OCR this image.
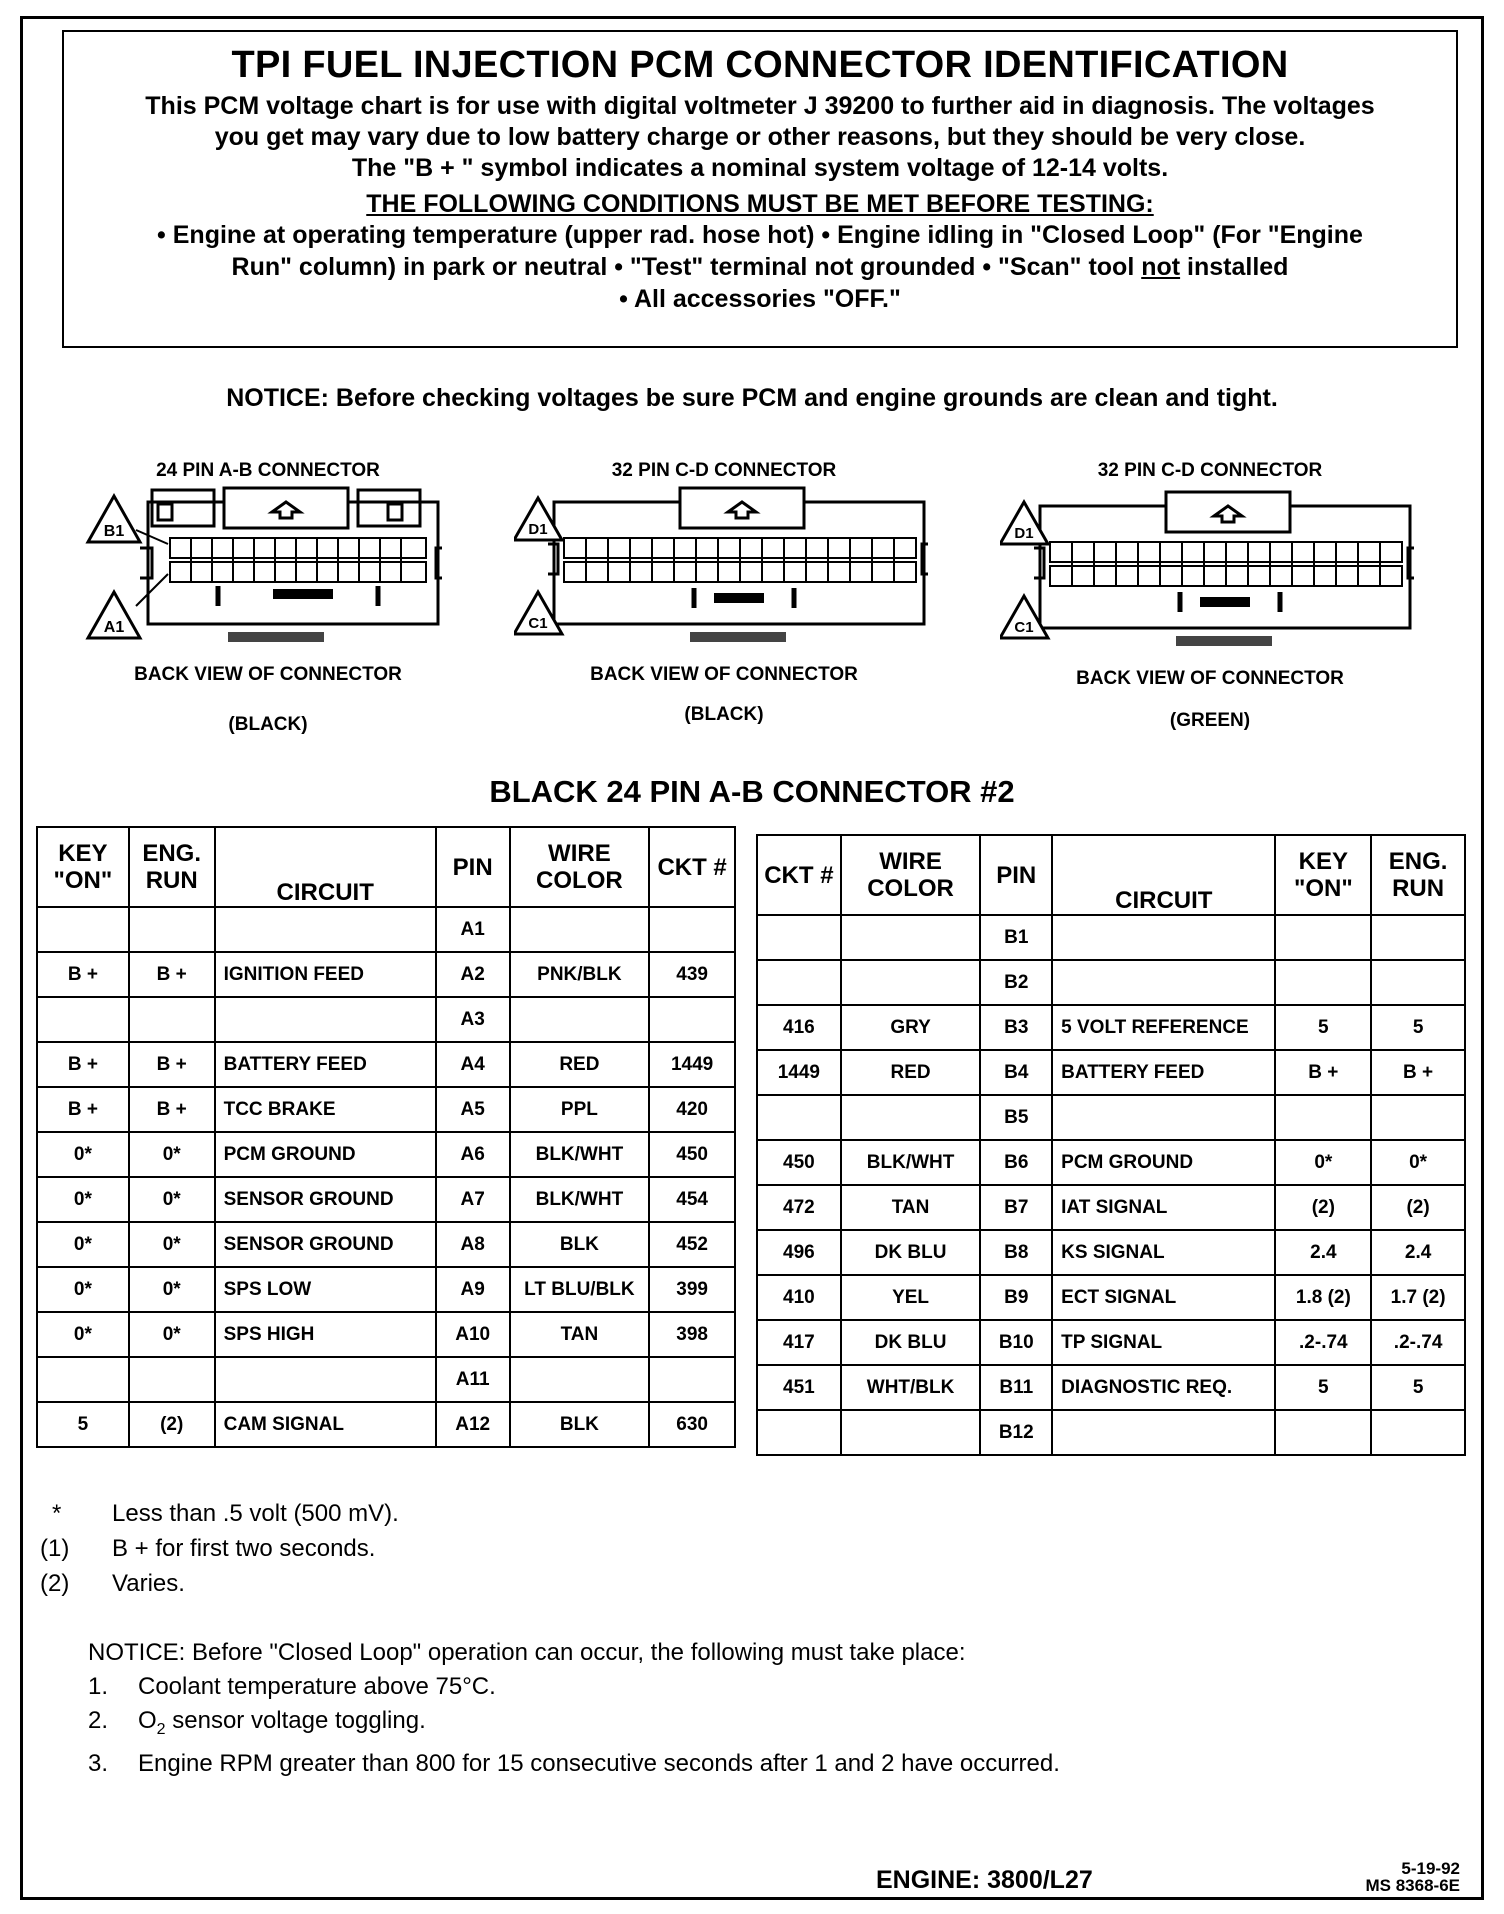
TPI FUEL INJECTION PCM CONNECTOR IDENTIFICATION
This PCM voltage chart is for use with digital voltmeter J 39200 to further aid in diagnosis. The voltages
you get may vary due to low battery charge or other reasons, but they should be very close.
The "B + " symbol indicates a nominal system voltage of 12-14 volts.
THE FOLLOWING CONDITIONS MUST BE MET BEFORE TESTING:
• Engine at operating temperature (upper rad. hose hot) • Engine idling in "Closed Loop" (For "Engine
Run" column) in park or neutral • "Test" terminal not grounded • "Scan" tool not installed
• All accessories "OFF."
NOTICE: Before checking voltages be sure PCM and engine grounds are clean and tight.
24 PIN A-B CONNECTOR
B1
A1
BACK VIEW OF CONNECTOR
(BLACK)
32 PIN C-D CONNECTOR
D1
C1
BACK VIEW OF CONNECTOR
(BLACK)
32 PIN C-D CONNECTOR
D1
C1
BACK VIEW OF CONNECTOR
(GREEN)
BLACK 24 PIN A-B CONNECTOR #2
KEY "ON"	ENG. RUN	CIRCUIT	PIN	WIRE COLOR	CKT #
			A1		
B +	B +	IGNITION FEED	A2	PNK/BLK	439
			A3		
B +	B +	BATTERY FEED	A4	RED	1449
B +	B +	TCC BRAKE	A5	PPL	420
0*	0*	PCM GROUND	A6	BLK/WHT	450
0*	0*	SENSOR GROUND	A7	BLK/WHT	454
0*	0*	SENSOR GROUND	A8	BLK	452
0*	0*	SPS LOW	A9	LT BLU/BLK	399
0*	0*	SPS HIGH	A10	TAN	398
			A11		
5	(2)	CAM SIGNAL	A12	BLK	630
CKT #	WIRE COLOR	PIN	CIRCUIT	KEY "ON"	ENG. RUN
		B1			
		B2			
416	GRY	B3	5 VOLT REFERENCE	5	5
1449	RED	B4	BATTERY FEED	B +	B +
		B5			
450	BLK/WHT	B6	PCM GROUND	0*	0*
472	TAN	B7	IAT SIGNAL	(2)	(2)
496	DK BLU	B8	KS SIGNAL	2.4	2.4
410	YEL	B9	ECT SIGNAL	1.8 (2)	1.7 (2)
417	DK BLU	B10	TP SIGNAL	.2-.74	.2-.74
451	WHT/BLK	B11	DIAGNOSTIC REQ.	5	5
		B12			
*	Less than .5 volt (500 mV).
(1)	B + for first two seconds.
(2)	Varies.
NOTICE: Before "Closed Loop" operation can occur, the following must take place:
1.	Coolant temperature above 75°C.
2.	$O_2$ sensor voltage toggling.
3.	Engine RPM greater than 800 for 15 consecutive seconds after 1 and 2 have occurred.
ENGINE: 3800/L27	5-19-92
MS 8368-6E
